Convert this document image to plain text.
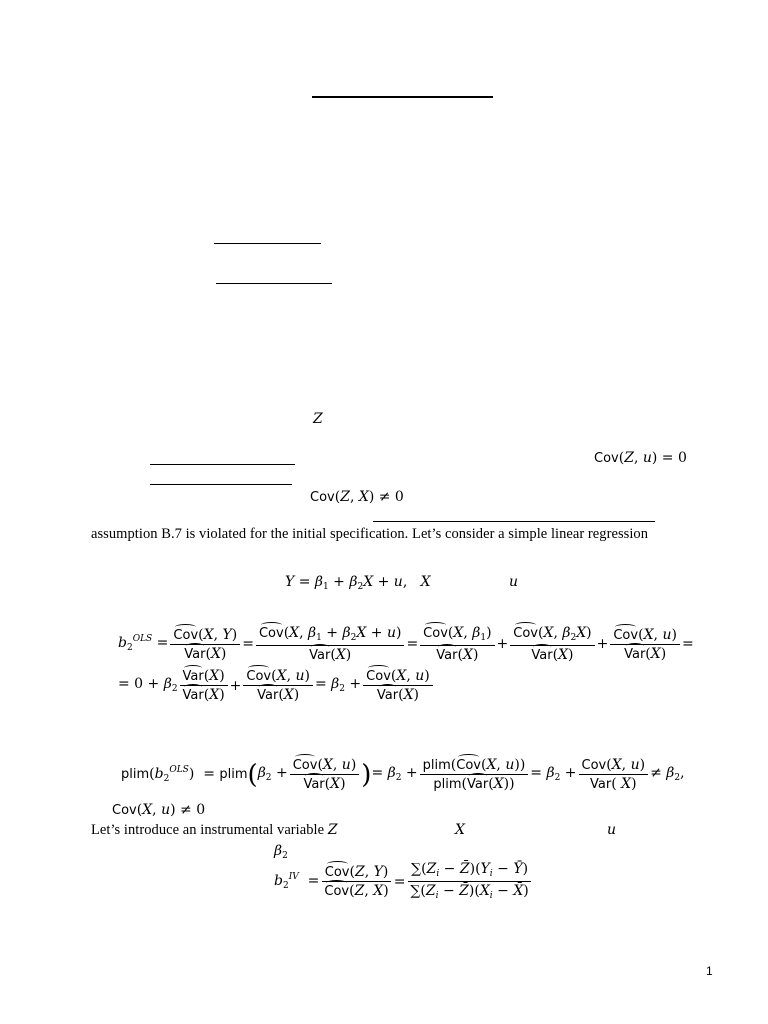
Z
Cov(Z, u) = 0
Cov(Z, X) ≠ 0
assumption B.7 is violated for the initial specification. Let’s consider a simple linear regression
$Y = \beta_1 + \beta_2X + u$,   X	u
$b_2^{OLS} = \frac{\text{Cov(X, Y)}}{\text{Var(X)}} = \frac{Cov(X, \beta_1 + \beta_2X + u)}{\text{Var(X)}} = \frac{Cov(X, \beta_1)}{\text{Var(X)}} + \frac{Cov(X, \beta_2X)}{\text{Var(X)}} + \frac{\text{Cov(X, u)}}{\text{Var(X)}}$ =
= $0 + \beta_2 \frac{\text{Var(X)}}{\text{Var(X)}} + \frac{\text{Cov(X, u)}}{\text{Var(X)}} = \beta_2 + \frac{\text{Cov(X, u)}}{\text{Var(X)}}$
$plim(b_2^{OLS}) = plim$ ( $\beta_2 + \frac{\text{Cov(X, u)}}{\text{Var(X)}}$ ) = $\beta_2 + \frac{\text{plim(Cov(X, u))}}{\text{plim(Var(X))}} = \beta_2 + \frac{\text{Cov(X, u)}}{\text{Var( X)}} \ne \beta_2$,
Cov(X, u) ≠ 0
Let’s introduce an instrumental variable Z	X	u
$\beta_2$
$b_2^{IV} = \frac{\text{Cov(Z, Y)}}{\text{Cov(Z, X)}} = \frac{\sum(Z_i - Z̄)(Y_i - Ȳ)}{\sum(Z_i - Z̄)(X_i - X̄)}$
1
